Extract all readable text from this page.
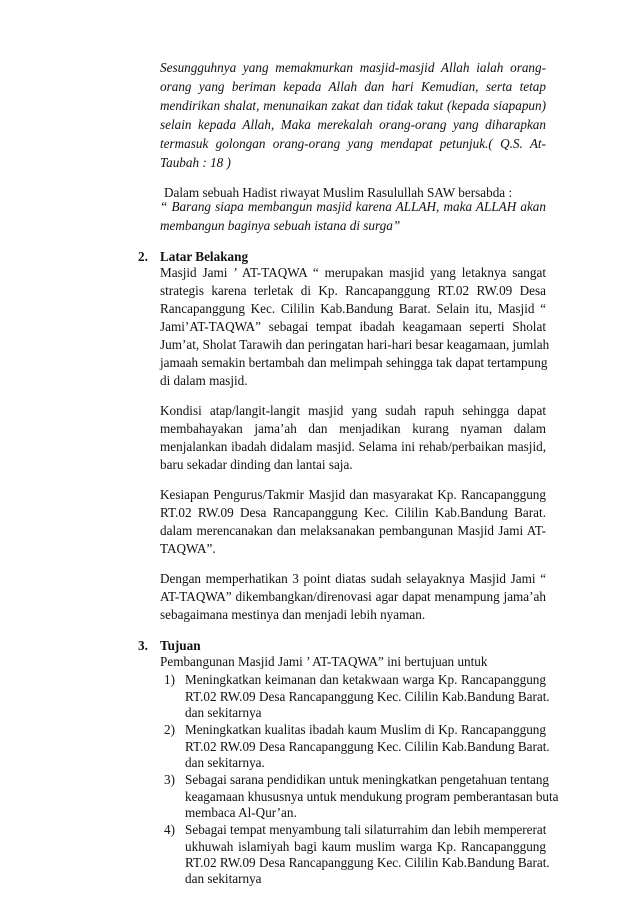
Sesungguhnya yang memakmurkan masjid-masjid Allah ialah orang-
orang yang beriman kepada Allah dan hari Kemudian, serta tetap
mendirikan shalat, menunaikan zakat dan tidak takut (kepada siapapun)
selain kepada Allah, Maka merekalah orang-orang yang diharapkan
termasuk golongan orang-orang yang mendapat petunjuk.( Q.S. At-
Taubah : 18 )
Dalam sebuah Hadist riwayat Muslim Rasulullah SAW bersabda :
“ Barang siapa membangun masjid karena ALLAH, maka ALLAH akan
membangun baginya sebuah istana di surga”
2. Latar Belakang
Masjid Jami ’ AT-TAQWA “ merupakan masjid yang letaknya sangat
strategis karena terletak di Kp. Rancapanggung RT.02 RW.09 Desa
Rancapanggung Kec. Cililin Kab.Bandung Barat. Selain itu, Masjid “
Jami’AT-TAQWA” sebagai tempat ibadah keagamaan seperti Sholat
Jum’at, Sholat Tarawih dan peringatan hari-hari besar keagamaan, jumlah
jamaah semakin bertambah dan melimpah sehingga tak dapat tertampung
di dalam masjid.
Kondisi atap/langit-langit masjid yang sudah rapuh sehingga dapat
membahayakan jama’ah dan menjadikan kurang nyaman dalam
menjalankan ibadah didalam masjid. Selama ini rehab/perbaikan masjid,
baru sekadar dinding dan lantai saja.
Kesiapan Pengurus/Takmir Masjid dan masyarakat Kp. Rancapanggung
RT.02 RW.09 Desa Rancapanggung Kec. Cililin Kab.Bandung Barat.
dalam merencanakan dan melaksanakan pembangunan Masjid Jami AT-
TAQWA”.
Dengan memperhatikan 3 point diatas sudah selayaknya Masjid Jami “
AT-TAQWA” dikembangkan/direnovasi agar dapat menampung jama’ah
sebagaimana mestinya dan menjadi lebih nyaman.
3. Tujuan
Pembangunan Masjid Jami ’ AT-TAQWA” ini bertujuan untuk
1) Meningkatkan keimanan dan ketakwaan warga Kp. Rancapanggung
RT.02 RW.09 Desa Rancapanggung Kec. Cililin Kab.Bandung Barat.
dan sekitarnya
2) Meningkatkan kualitas ibadah kaum Muslim di Kp. Rancapanggung
RT.02 RW.09 Desa Rancapanggung Kec. Cililin Kab.Bandung Barat.
dan sekitarnya.
3) Sebagai sarana pendidikan untuk meningkatkan pengetahuan tentang
keagamaan khususnya untuk mendukung program pemberantasan buta
membaca Al-Qur’an.
4) Sebagai tempat menyambung tali silaturrahim dan lebih mempererat
ukhuwah islamiyah bagi kaum muslim warga Kp. Rancapanggung
RT.02 RW.09 Desa Rancapanggung Kec. Cililin Kab.Bandung Barat.
dan sekitarnya
